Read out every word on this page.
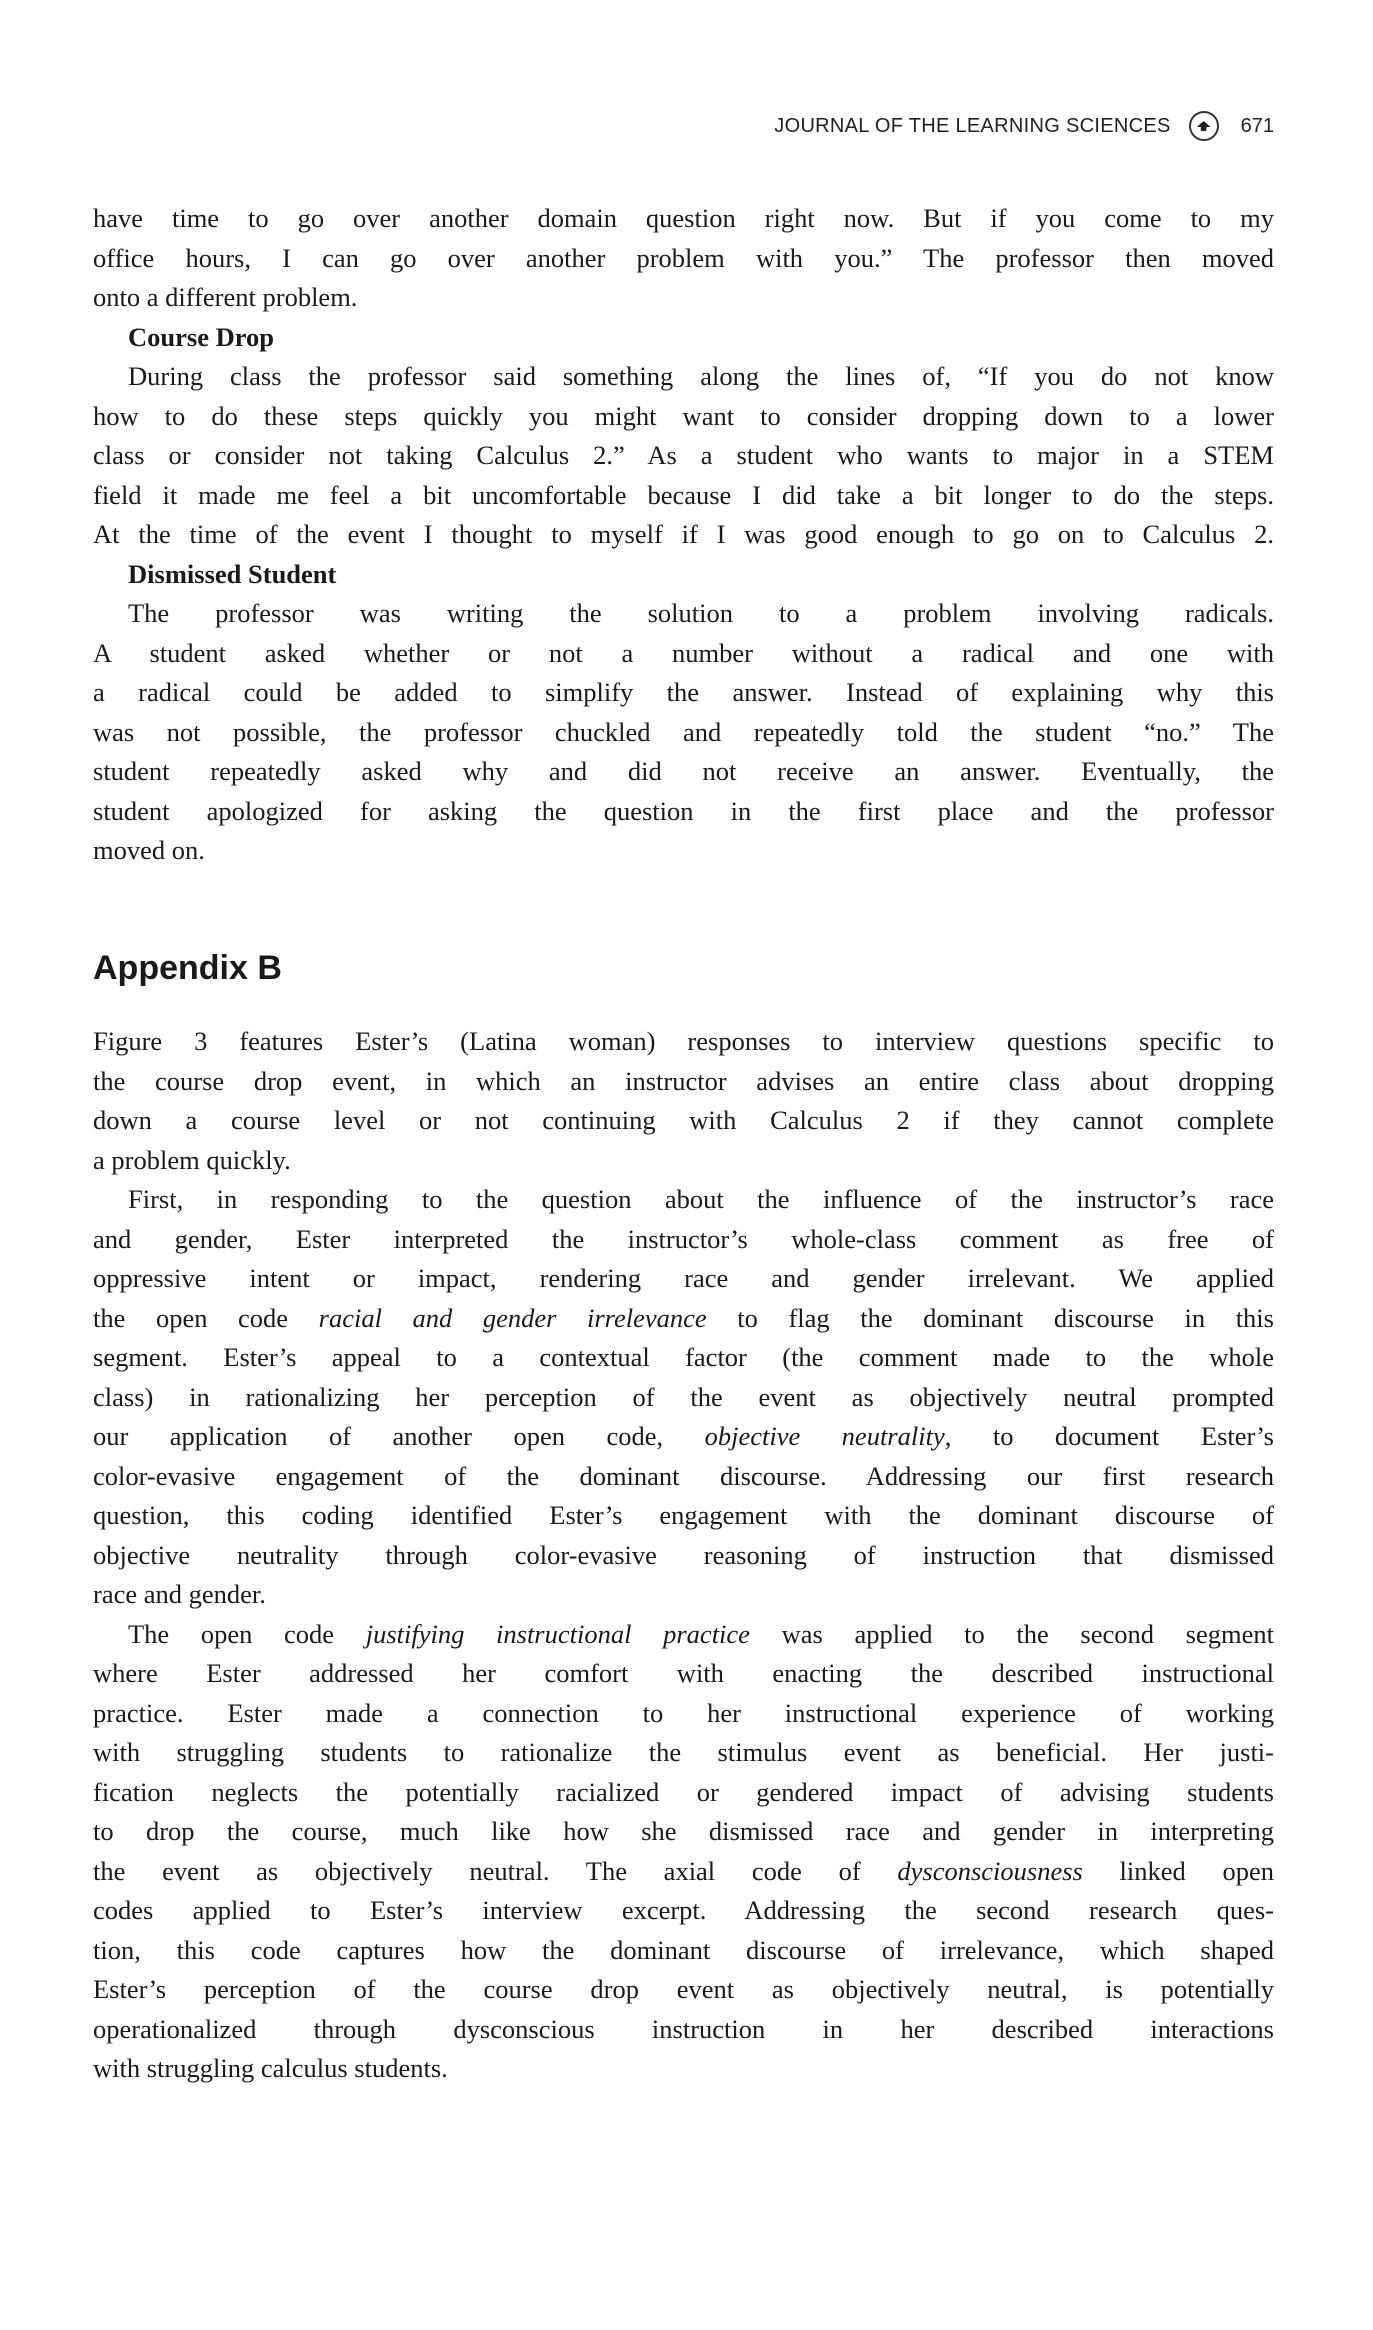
JOURNAL OF THE LEARNING SCIENCES	671
have time to go over another domain question right now. But if you come to my
office hours, I can go over another problem with you.” The professor then moved
onto a different problem.
Course Drop
During class the professor said something along the lines of, “If you do not know
how to do these steps quickly you might want to consider dropping down to a lower
class or consider not taking Calculus 2.” As a student who wants to major in a STEM
field it made me feel a bit uncomfortable because I did take a bit longer to do the steps.
At the time of the event I thought to myself if I was good enough to go on to Calculus 2.
Dismissed Student
The professor was writing the solution to a problem involving radicals.
A student asked whether or not a number without a radical and one with
a radical could be added to simplify the answer. Instead of explaining why this
was not possible, the professor chuckled and repeatedly told the student “no.” The
student repeatedly asked why and did not receive an answer. Eventually, the
student apologized for asking the question in the first place and the professor
moved on.
Appendix B
Figure 3 features Ester’s (Latina woman) responses to interview questions specific to
the course drop event, in which an instructor advises an entire class about dropping
down a course level or not continuing with Calculus 2 if they cannot complete
a problem quickly.
First, in responding to the question about the influence of the instructor’s race
and gender, Ester interpreted the instructor’s whole-class comment as free of
oppressive intent or impact, rendering race and gender irrelevant. We applied
the open code racial and gender irrelevance to flag the dominant discourse in this
segment. Ester’s appeal to a contextual factor (the comment made to the whole
class) in rationalizing her perception of the event as objectively neutral prompted
our application of another open code, objective neutrality, to document Ester’s
color-evasive engagement of the dominant discourse. Addressing our first research
question, this coding identified Ester’s engagement with the dominant discourse of
objective neutrality through color-evasive reasoning of instruction that dismissed
race and gender.
The open code justifying instructional practice was applied to the second segment
where Ester addressed her comfort with enacting the described instructional
practice. Ester made a connection to her instructional experience of working
with struggling students to rationalize the stimulus event as beneficial. Her justi-
fication neglects the potentially racialized or gendered impact of advising students
to drop the course, much like how she dismissed race and gender in interpreting
the event as objectively neutral. The axial code of dysconsciousness linked open
codes applied to Ester’s interview excerpt. Addressing the second research ques-
tion, this code captures how the dominant discourse of irrelevance, which shaped
Ester’s perception of the course drop event as objectively neutral, is potentially
operationalized through dysconscious instruction in her described interactions
with struggling calculus students.
